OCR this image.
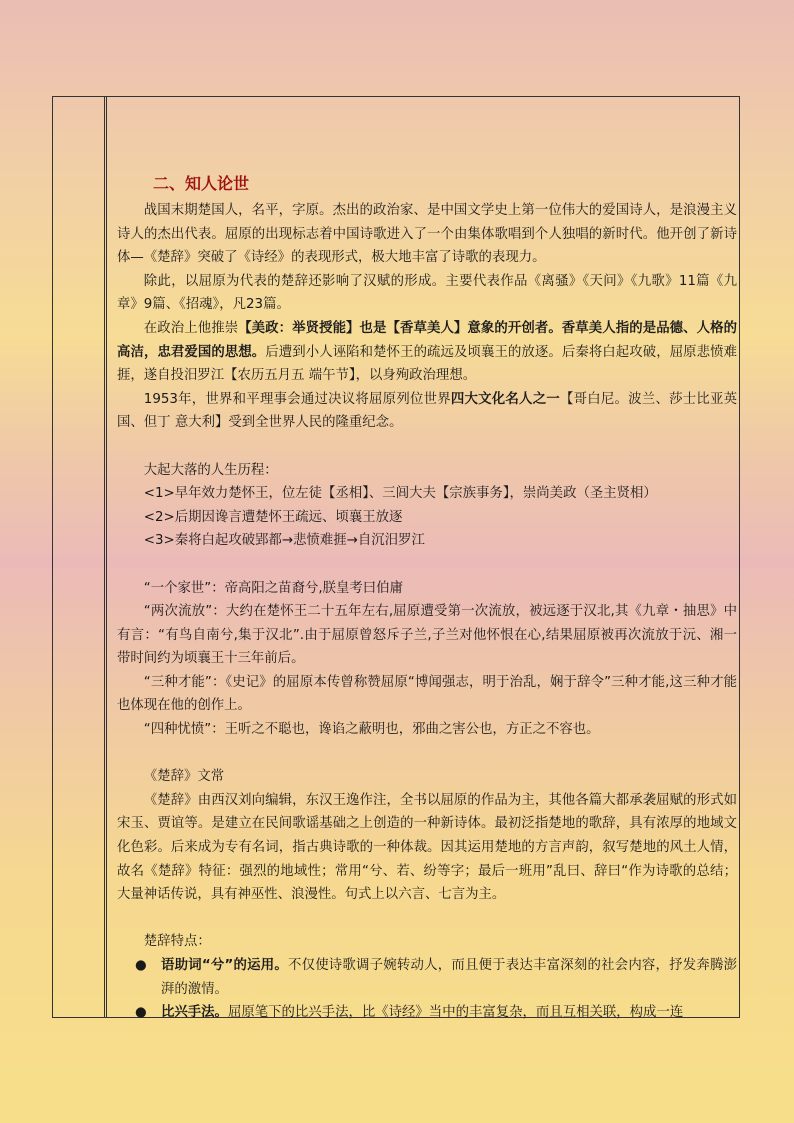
二、知人论世

战国末期楚国人，名平，字原。杰出的政治家、是中国文学史上第一位伟大的爱国诗人，是浪漫主义诗人的杰出代表。屈原的出现标志着中国诗歌进入了一个由集体歌唱到个人独唱的新时代。他开创了新诗体—《楚辞》突破了《诗经》的表现形式，极大地丰富了诗歌的表现力。

除此，以屈原为代表的楚辞还影响了汉赋的形成。主要代表作品《离骚》《天问》《九歌》11篇《九章》9篇、《招魂》，凡23篇。

在政治上他推崇【美政：举贤授能】也是【香草美人】意象的开创者。香草美人指的是品德、人格的高洁，忠君爱国的思想。后遭到小人诬陷和楚怀王的疏远及顷襄王的放逐。后秦将白起攻破，屈原悲愤难捱，遂自投汨罗江【农历五月五 端午节】，以身殉政治理想。

1953年，世界和平理事会通过决议将屈原列位世界四大文化名人之一【哥白尼。波兰、莎士比亚英国、但丁 意大利】受到全世界人民的隆重纪念。

大起大落的人生历程：

<1>早年效力楚怀王，位左徒【丞相】、三闾大夫【宗族事务】，崇尚美政（圣主贤相）

<2>后期因谗言遭楚怀王疏远、顷襄王放逐

<3>秦将白起攻破郢都→悲愤难捱→自沉汨罗江

“一个家世”：帝高阳之苗裔兮,朕皇考曰伯庸

“两次流放”：大约在楚怀王二十五年左右,屈原遭受第一次流放，被远逐于汉北,其《九章・抽思》中有言：“有鸟自南兮,集于汉北”.由于屈原曾怒斥子兰,子兰对他怀恨在心,结果屈原被再次流放于沅、湘一带时间约为顷襄王十三年前后。

“三种才能”：《史记》的屈原本传曾称赞屈原“博闻强志，明于治乱，娴于辞令”三种才能,这三种才能也体现在他的创作上。

“四种忧愤”：王听之不聪也，谗谄之蔽明也，邪曲之害公也，方正之不容也。

《楚辞》文常

《楚辞》由西汉刘向编辑，东汉王逸作注，全书以屈原的作品为主，其他各篇大都承袭屈赋的形式如宋玉、贾谊等。是建立在民间歌谣基础之上创造的一种新诗体。最初泛指楚地的歌辞，具有浓厚的地域文化色彩。后来成为专有名词，指古典诗歌的一种体裁。因其运用楚地的方言声韵，叙写楚地的风土人情，故名《楚辞》特征：强烈的地域性；常用“兮、若、纷等字；最后一班用”乱曰、辞曰“作为诗歌的总结；大量神话传说，具有神巫性、浪漫性。句式上以六言、七言为主。

楚辞特点：

● 语助词“兮”的运用。不仅使诗歌调子婉转动人，而且便于表达丰富深刻的社会内容，抒发奔腾澎湃的激情。
● 比兴手法。屈原笔下的比兴手法，比《诗经》当中的丰富复杂，而且互相关联，构成一连
